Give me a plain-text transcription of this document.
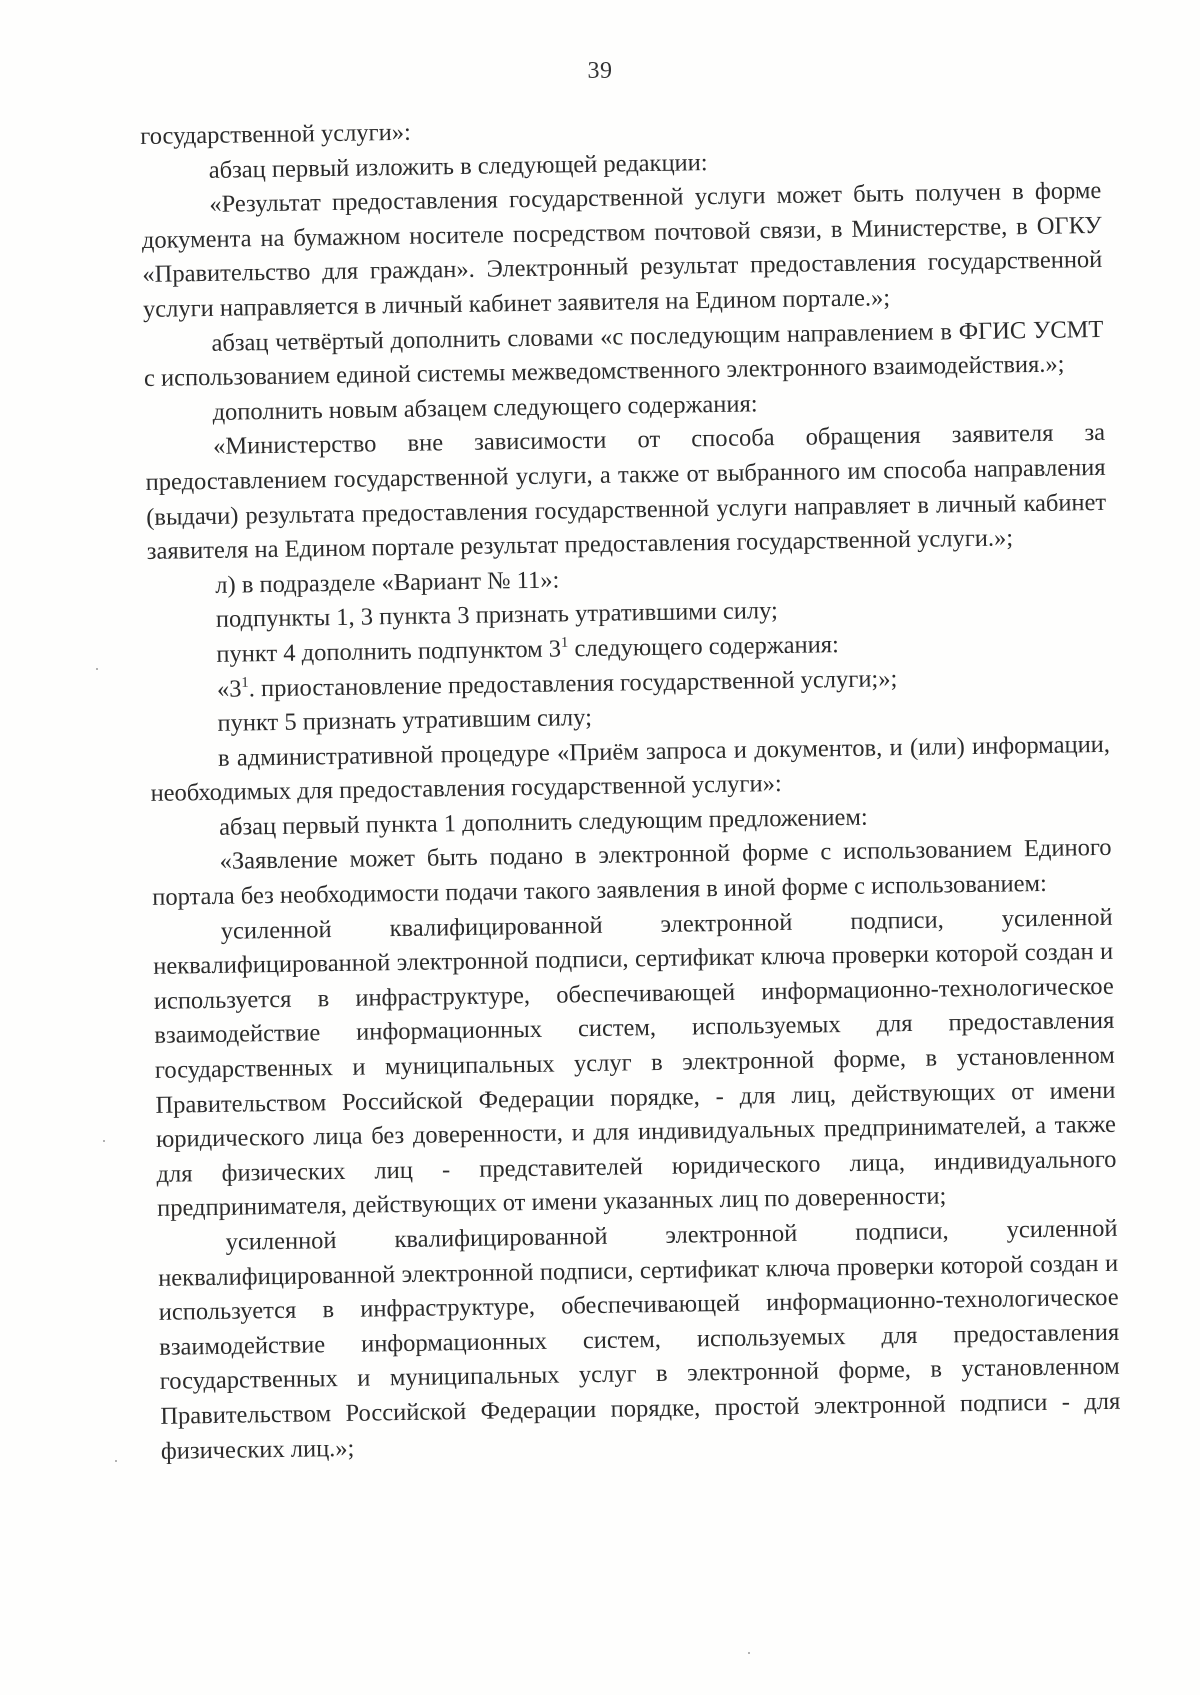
39

государственной услуги»:

абзац первый изложить в следующей редакции:

«Результат предоставления государственной услуги может быть получен в форме документа на бумажном носителе посредством почтовой связи, в Министерстве, в ОГКУ «Правительство для граждан». Электронный результат предоставления государственной услуги направляется в личный кабинет заявителя на Едином портале.»;

абзац четвёртый дополнить словами «с последующим направлением в ФГИС УСМТ с использованием единой системы межведомственного электронного взаимодействия.»;

дополнить новым абзацем следующего содержания:

«Министерство вне зависимости от способа обращения заявителя за предоставлением государственной услуги, а также от выбранного им способа направления (выдачи) результата предоставления государственной услуги направляет в личный кабинет заявителя на Едином портале результат предоставления государственной услуги.»;

л) в подразделе «Вариант № 11»:

подпункты 1, 3 пункта 3 признать утратившими силу;

пункт 4 дополнить подпунктом $3^1$ следующего содержания:

«$3^1$. приостановление предоставления государственной услуги;»;

пункт 5 признать утратившим силу;

в административной процедуре «Приём запроса и документов, и (или) информации, необходимых для предоставления государственной услуги»:

абзац первый пункта 1 дополнить следующим предложением:

«Заявление может быть подано в электронной форме с использованием Единого портала без необходимости подачи такого заявления в иной форме с использованием:

усиленной квалифицированной электронной подписи, усиленной неквалифицированной электронной подписи, сертификат ключа проверки которой создан и используется в инфраструктуре, обеспечивающей информационно-технологическое взаимодействие информационных систем, используемых для предоставления государственных и муниципальных услуг в электронной форме, в установленном Правительством Российской Федерации порядке, - для лиц, действующих от имени юридического лица без доверенности, и для индивидуальных предпринимателей, а также для физических лиц - представителей юридического лица, индивидуального предпринимателя, действующих от имени указанных лиц по доверенности;

усиленной квалифицированной электронной подписи, усиленной неквалифицированной электронной подписи, сертификат ключа проверки которой создан и используется в инфраструктуре, обеспечивающей информационно-технологическое взаимодействие информационных систем, используемых для предоставления государственных и муниципальных услуг в электронной форме, в установленном Правительством Российской Федерации порядке, простой электронной подписи - для физических лиц.»;
